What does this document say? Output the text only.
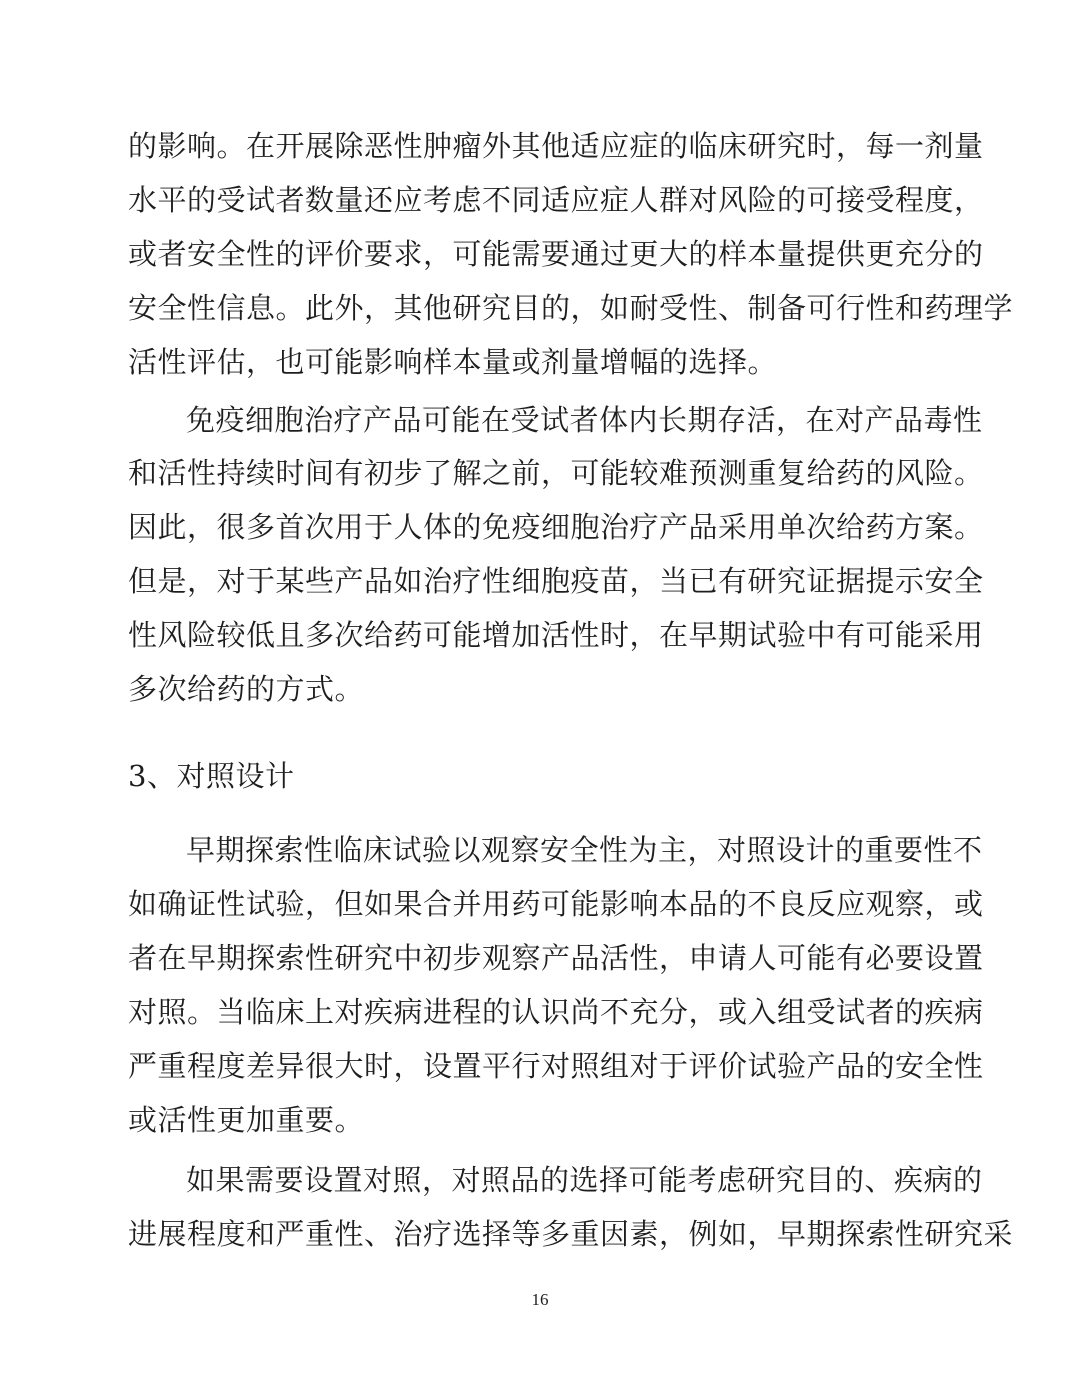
的影响。在开展除恶性肿瘤外其他适应症的临床研究时，每一剂量
水平的受试者数量还应考虑不同适应症人群对风险的可接受程度，
或者安全性的评价要求，可能需要通过更大的样本量提供更充分的
安全性信息。此外，其他研究目的，如耐受性、制备可行性和药理学
活性评估，也可能影响样本量或剂量增幅的选择。
免疫细胞治疗产品可能在受试者体内长期存活，在对产品毒性
和活性持续时间有初步了解之前，可能较难预测重复给药的风险。
因此，很多首次用于人体的免疫细胞治疗产品采用单次给药方案。
但是，对于某些产品如治疗性细胞疫苗，当已有研究证据提示安全
性风险较低且多次给药可能增加活性时，在早期试验中有可能采用
多次给药的方式。
3、对照设计
早期探索性临床试验以观察安全性为主，对照设计的重要性不
如确证性试验，但如果合并用药可能影响本品的不良反应观察，或
者在早期探索性研究中初步观察产品活性，申请人可能有必要设置
对照。当临床上对疾病进程的认识尚不充分，或入组受试者的疾病
严重程度差异很大时，设置平行对照组对于评价试验产品的安全性
或活性更加重要。
如果需要设置对照，对照品的选择可能考虑研究目的、疾病的
进展程度和严重性、治疗选择等多重因素，例如，早期探索性研究采
16
